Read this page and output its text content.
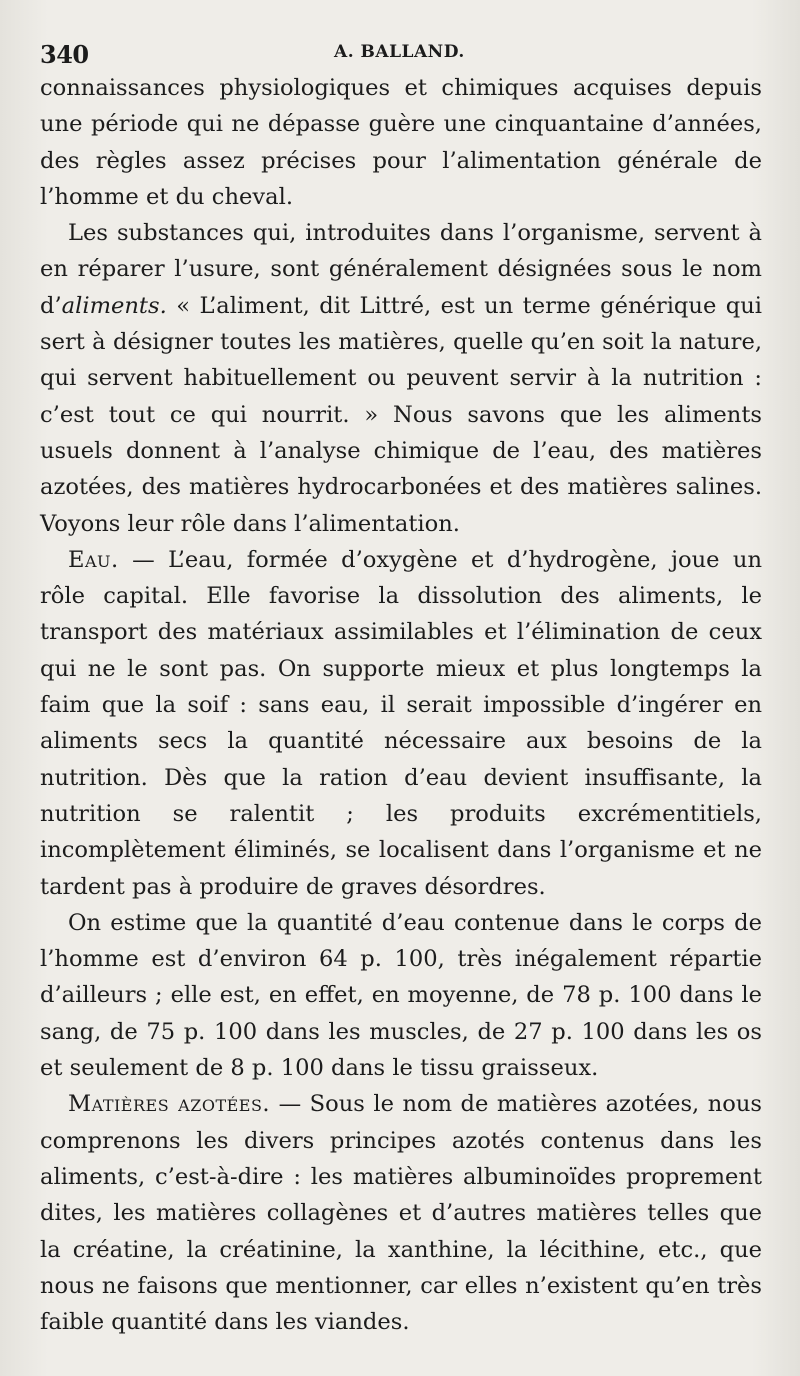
340	A. BALLAND.

connaissances physiologiques et chimiques acquises depuis une période qui ne dépasse guère une cinquantaine d’années, des règles assez précises pour l’alimentation générale de l’homme et du cheval.

Les substances qui, introduites dans l’organisme, servent à en réparer l’usure, sont généralement désignées sous le nom d’aliments. « L’aliment, dit Littré, est un terme générique qui sert à désigner toutes les matières, quelle qu’en soit la nature, qui servent habituellement ou peuvent servir à la nutrition : c’est tout ce qui nourrit. » Nous savons que les aliments usuels donnent à l’analyse chimique de l’eau, des matières azotées, des matières hydrocarbonées et des matières salines. Voyons leur rôle dans l’alimentation.

Eau. — L’eau, formée d’oxygène et d’hydrogène, joue un rôle capital. Elle favorise la dissolution des aliments, le transport des matériaux assimilables et l’élimination de ceux qui ne le sont pas. On supporte mieux et plus longtemps la faim que la soif : sans eau, il serait impossible d’ingérer en aliments secs la quantité nécessaire aux besoins de la nutrition. Dès que la ration d’eau devient insuffisante, la nutrition se ralentit ; les produits excrémentitiels, incomplètement éliminés, se localisent dans l’organisme et ne tardent pas à produire de graves désordres.

On estime que la quantité d’eau contenue dans le corps de l’homme est d’environ 64 p. 100, très inégalement répartie d’ailleurs ; elle est, en effet, en moyenne, de 78 p. 100 dans le sang, de 75 p. 100 dans les muscles, de 27 p. 100 dans les os et seulement de 8 p. 100 dans le tissu graisseux.

Matières azotées. — Sous le nom de matières azotées, nous comprenons les divers principes azotés contenus dans les aliments, c’est-à-dire : les matières albuminoïdes proprement dites, les matières collagènes et d’autres matières telles que la créatine, la créatinine, la xanthine, la lécithine, etc., que nous ne faisons que mentionner, car elles n’existent qu’en très faible quantité dans les viandes.
